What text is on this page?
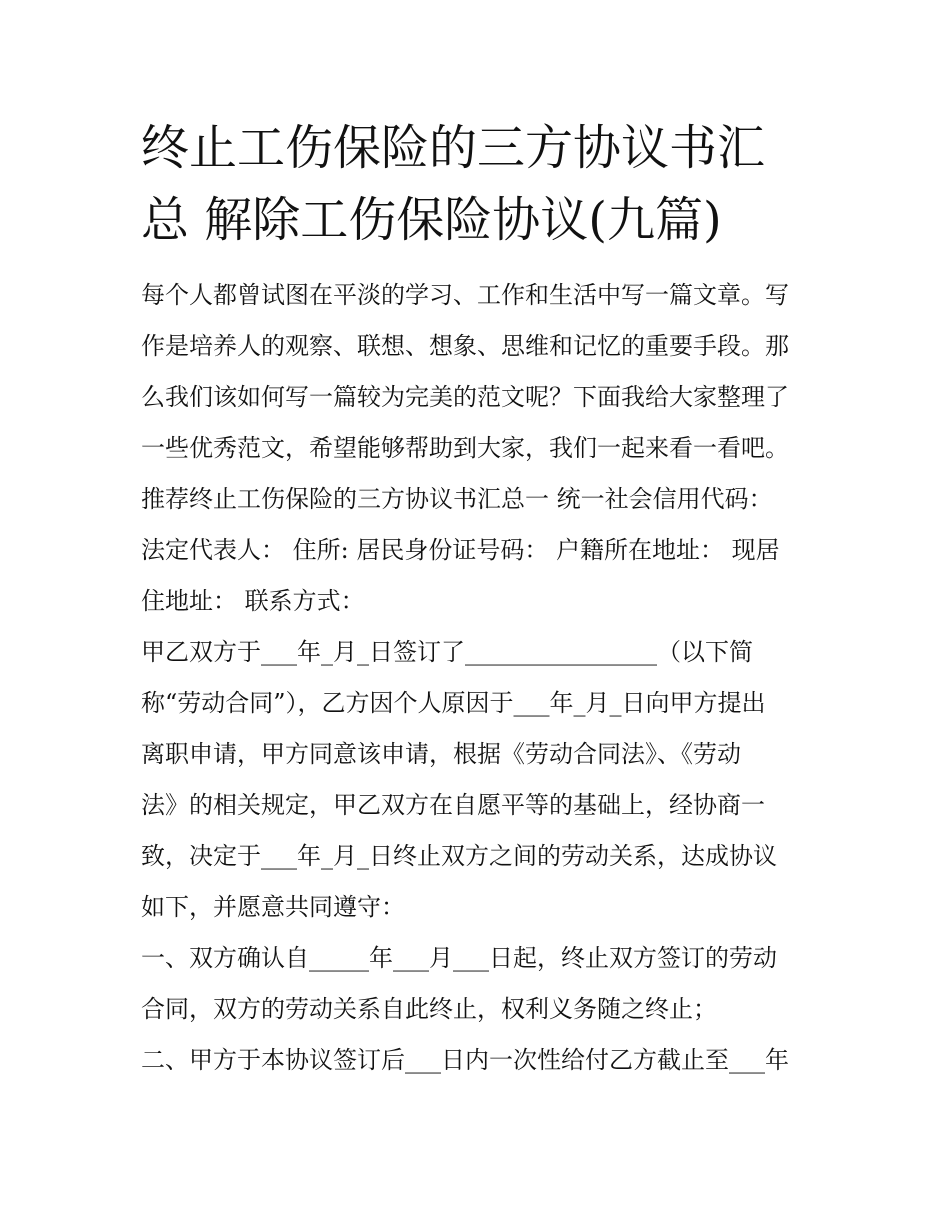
终止工伤保险的三方协议书汇
总 解除工伤保险协议(九篇)
每个人都曾试图在平淡的学习、工作和生活中写一篇文章。写
作是培养人的观察、联想、想象、思维和记忆的重要手段。那
么我们该如何写一篇较为完美的范文呢？下面我给大家整理了
一些优秀范文，希望能够帮助到大家，我们一起来看一看吧。
推荐终止工伤保险的三方协议书汇总一 统一社会信用代码：
法定代表人： 住所: 居民身份证号码： 户籍所在地址： 现居
住地址： 联系方式：
甲乙双方于___年_月_日签订了________________（以下简
称“劳动合同”），乙方因个人原因于___年_月_日向甲方提出
离职申请，甲方同意该申请，根据《劳动合同法》、《劳动
法》的相关规定，甲乙双方在自愿平等的基础上，经协商一
致，决定于___年_月_日终止双方之间的劳动关系，达成协议
如下，并愿意共同遵守：
一、双方确认自_____年___月___日起，终止双方签订的劳动
合同，双方的劳动关系自此终止，权利义务随之终止；
二、甲方于本协议签订后___日内一次性给付乙方截止至___年
